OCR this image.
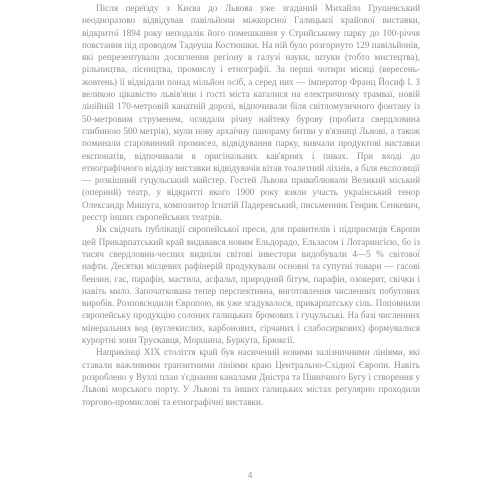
Після переїзду з Києва до Львова уже згаданий Михайло Грушевський неодноразово відвідував павільйони міжкорсної Галицької крайової виставки, відкритої 1894 року неподалік його помешкання у Стрийському парку до 100-річчя повстання під проводом Тадеуша Костюшки. На ній було розгорнуто 129 павільйонів, які репрезентували досягнення регіону в галузі науки, штуки (тобто мистецтва), рільництва, лісництва, промислу і етнографії. За перші чотири місяці (вересень-жовтень) її відвідали понад мільйон осіб, а серед них — імператор Франц Йосиф І. З великою цікавістю львів'яни і гості міста каталися на електричному трамваї, новій лінійній 170-метровій канатній дорозі, відпочивали біля світломузичного фонтану із 50-метровим струменем, оглядали річну найтеку бурову (пробита свердловина глибиною 500 метрів), мули нову архаїчну панораму битви у в'язниці Львові, а також поминали старовинний промисел, відвідування парку, вивчали продуктові виставки експонатів, відпочивали в оригінальних кав'ярнях і пивах. При вході до етнографічного відділу виставки відвідувачів вітав тоалетний ліхнік, а біля експозиції — розкішний гуцульський майстер. Гостей Львова приваблювали Великий міський (оперний) театр, у відкритті якого 1900 року взяли участь український тенор Олександр Мишуга, композитор Ігнатій Падеревський, письменник Генрик Сенкевич, реєстр інших європейських театрів.

Як свідчать публікації європейської преси, для правителів і підприємців Європи цей Прикарпатський край видавався новим Ельдорадо, Ельзасом і Лотарингією, бо із тисяч свердловин-чесних видніли світові інвестори видобували 4—5 % світової нафти. Десятки місцевих рафінерій продукували основні та супутні товари — гасові бензин, гас, парафін, мастила, асфальт, природний бітум, парафін, озокерит, свічки і навіть мило. Започаткована тепер перспективна, виготовлення численних побутових виробів. Розповсюдили Європою, як уже згадувалося, прикарпатську сіль. Поповнили європейську продукцію солоних галицьких бромових і гуцульські. На базі численних мінеральних вод (вуглекислих, карбонових, сірчаних і слабосиркових) формувалися курортні зони Трускавця, Моршина, Буркута, Брюксії.

Наприкінці XIX століття край був насичений новими залізничними лініями, які ставали важливими транзитними лініями краю Центрально-Східної Європи. Навіть розроблено у Вузлі план з'єднання каналами Дністра та Північного Бугу і створення у Львові морського порту. У Львові та інших галицьких містах регулярно проходили торгово-промислові та етнографічні виставки.

4
